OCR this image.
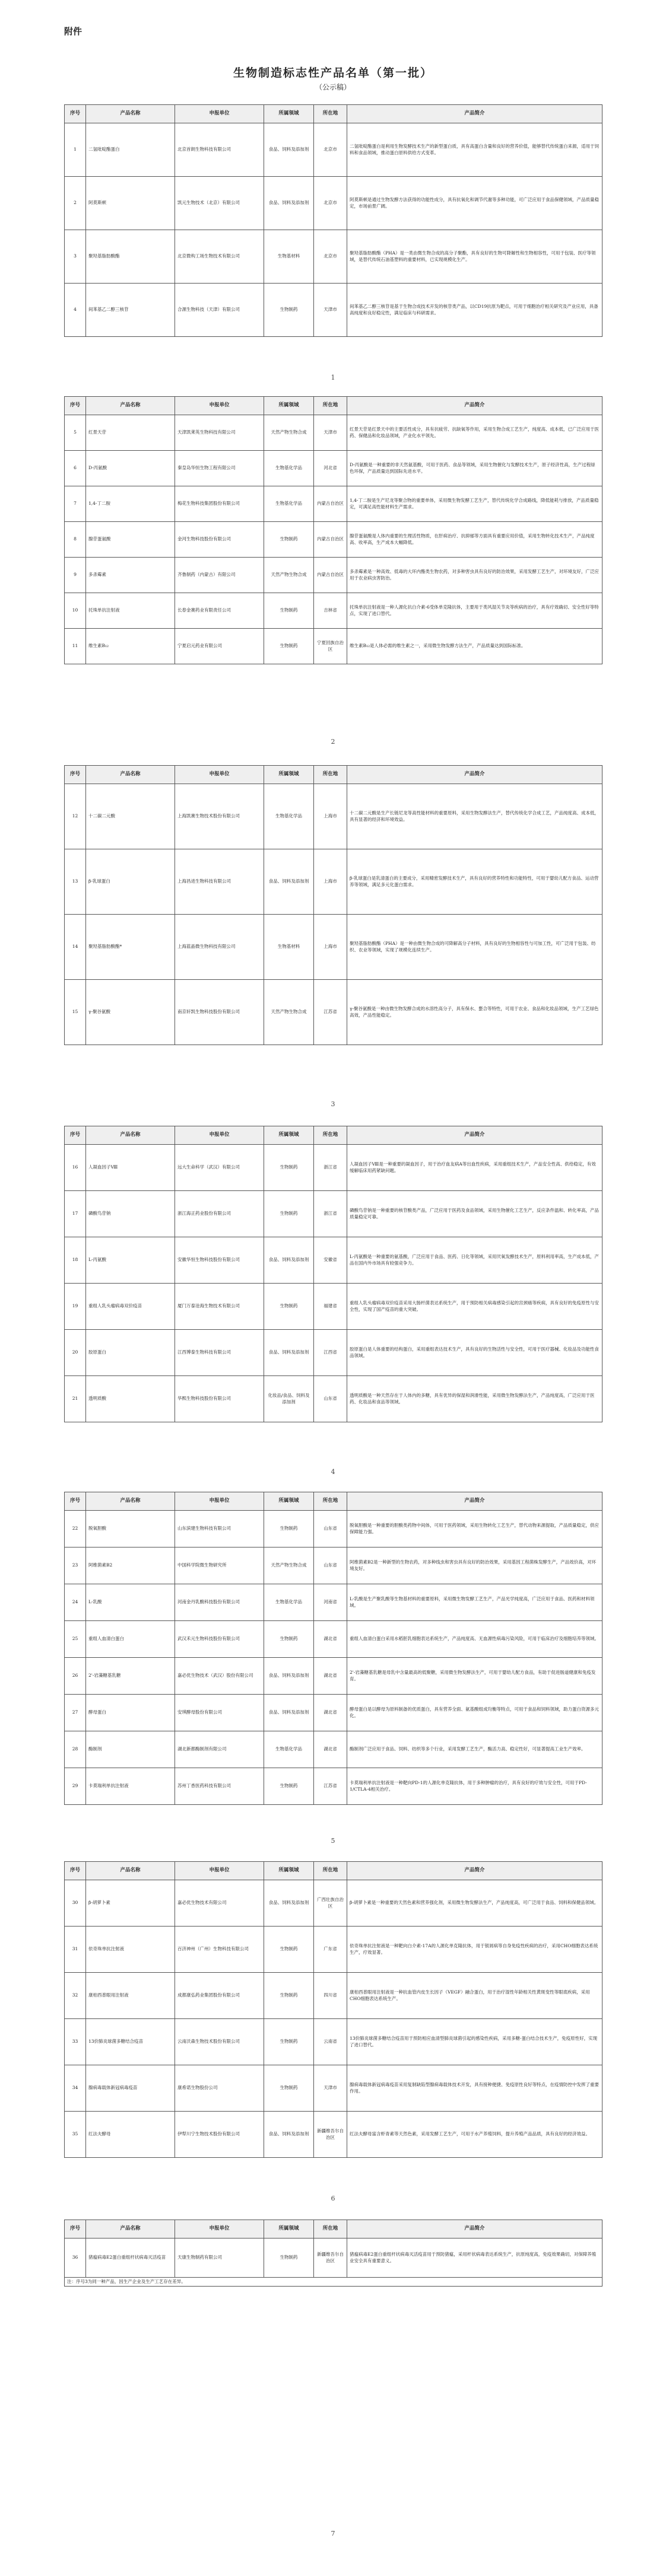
附件
生物制造标志性产品名单（第一批）
（公示稿）
序号	产品名称	申报单位	所属领域	所在地	产品简介
1	二氢吡啶酯蛋白	北京首朗生物科技有限公司	食品、饲料及添加剂	北京市	二氢吡啶酯蛋白是利用生物发酵技术生产的新型蛋白质，具有高蛋白含量和良好的营养价值，能够替代传统蛋白来源，适用于饲料和食品领域，推动蛋白原料供给方式变革。
2	阿莫斯顿	凯元生物技术（北京）有限公司	食品、饲料及添加剂	北京市	阿莫斯顿是通过生物发酵方法获得的功能性成分，具有抗氧化和调节代谢等多种功能，可广泛应用于食品保健领域，产品质量稳定，市场前景广阔。
3	聚羟基脂肪酸酯	北京微构工场生物技术有限公司	生物基材料	北京市	聚羟基脂肪酸酯（PHA）是一类由微生物合成的高分子聚酯，具有良好的生物可降解性和生物相容性，可用于包装、医疗等领域，是替代传统石油基塑料的重要材料，已实现规模化生产。
4	间苯基乙二醇三核苷	合源生物科技（天津）有限公司	生物制药	天津市	间苯基乙二醇三核苷是基于生物合成技术开发的核苷类产品，以CD19抗原为靶点，可用于细胞治疗相关研究及产业应用，具备高纯度和良好稳定性，满足临床与科研需求。
1
序号	产品名称	申报单位	所属领域	所在地	产品简介
5	红景天苷	天津凯莱英生物科技有限公司	天然产物生物合成	天津市	红景天苷是红景天中的主要活性成分，具有抗疲劳、抗缺氧等作用，采用生物合成工艺生产，纯度高、成本低，已广泛应用于医药、保健品和化妆品领域，产业化水平领先。
6	D-丙氨酸	秦皇岛华恒生物工程有限公司	生物基化学品	河北省	D-丙氨酸是一种重要的非天然氨基酸，可用于医药、食品等领域，采用生物催化与发酵技术生产，原子经济性高，生产过程绿色环保，产品质量达到国际先进水平。
7	1,4-丁二胺	梅花生物科技集团股份有限公司	生物基化学品	内蒙古自治区	1,4-丁二胺是生产尼龙等聚合物的重要单体，采用微生物发酵工艺生产，替代传统化学合成路线，降低能耗与排放，产品质量稳定，可满足高性能材料生产需求。
8	腺苷蛋氨酸	金河生物科技股份有限公司	生物制药	内蒙古自治区	腺苷蛋氨酸是人体内重要的生理活性物质，在肝病治疗、抗抑郁等方面具有重要应用价值，采用生物转化技术生产，产品纯度高、收率高，生产成本大幅降低。
9	多杀霉素	齐鲁制药（内蒙古）有限公司	天然产物生物合成	内蒙古自治区	多杀霉素是一种高效、低毒的大环内酯类生物农药，对多种害虫具有良好的防治效果，采用发酵工艺生产，对环境友好，广泛应用于农业病虫害防治。
10	托珠单抗注射液	长春金赛药业有限责任公司	生物制药	吉林省	托珠单抗注射液是一种人源化抗白介素-6受体单克隆抗体，主要用于类风湿关节炎等疾病的治疗，具有疗效确切、安全性好等特点，实现了进口替代。
11	维生素B₁₂	宁夏启元药业有限公司	生物制药	宁夏回族自治区	维生素B₁₂是人体必需的维生素之一，采用微生物发酵方法生产，产品质量达到国际标准。
2
序号	产品名称	申报单位	所属领域	所在地	产品简介
12	十二碳二元酸	上海凯赛生物技术股份有限公司	生物基化学品	上海市	十二碳二元酸是生产长链尼龙等高性能材料的重要原料，采用生物发酵法生产，替代传统化学合成工艺，产品纯度高、成本低，具有显著的经济和环境效益。
13	β-乳球蛋白	上海昌进生物科技有限公司	食品、饲料及添加剂	上海市	β-乳球蛋白是乳清蛋白的主要成分，采用精密发酵技术生产，具有良好的营养特性和功能特性，可用于婴幼儿配方食品、运动营养等领域，满足多元化蛋白需求。
14	聚羟基脂肪酸酯*	上海蓝晶微生物科技有限公司	生物基材料	上海市	聚羟基脂肪酸酯（PHA）是一种由微生物合成的可降解高分子材料，具有良好的生物相容性与可加工性，可广泛用于包装、纺织、农业等领域，实现了规模化连续生产。
15	γ-聚谷氨酸	南京轩凯生物科技股份有限公司	天然产物生物合成	江苏省	γ-聚谷氨酸是一种由微生物发酵合成的水溶性高分子，具有保水、螯合等特性，可用于农业、食品和化妆品领域，生产工艺绿色高效，产品性能稳定。
3
序号	产品名称	申报单位	所属领域	所在地	产品简介
16	人凝血因子Ⅷ	远大生命科学（武汉）有限公司	生物制药	浙江省	人凝血因子Ⅷ是一种重要的凝血因子，用于治疗血友病A等出血性疾病，采用重组技术生产，产品安全性高、供给稳定，有效缓解临床用药紧缺问题。
17	磷酸鸟苷钠	浙江海正药业股份有限公司	生物制药	浙江省	磷酸鸟苷钠是一种重要的核苷酸类产品，广泛应用于医药及食品领域，采用生物催化工艺生产，反应条件温和、转化率高，产品质量稳定可靠。
18	L-丙氨酸	安徽华恒生物科技股份有限公司	食品、饲料及添加剂	安徽省	L-丙氨酸是一种重要的氨基酸，广泛应用于食品、医药、日化等领域，采用厌氧发酵技术生产，原料利用率高，生产成本低，产品在国内外市场具有较强竞争力。
19	重组人乳头瘤病毒双价疫苗	厦门万泰沧海生物技术有限公司	生物制药	福建省	重组人乳头瘤病毒双价疫苗采用大肠杆菌表达系统生产，用于预防相关病毒感染引起的宫颈癌等疾病，具有良好的免疫原性与安全性，实现了国产疫苗的重大突破。
20	胶原蛋白	江西博泰生物科技有限公司	食品、饲料及添加剂	江西省	胶原蛋白是人体重要的结构蛋白，采用重组表达技术生产，具有良好的生物活性与安全性，可用于医疗器械、化妆品及功能性食品领域。
21	透明质酸	华熙生物科技股份有限公司	化妆品/食品、饲料及添加剂	山东省	透明质酸是一种天然存在于人体内的多糖，具有优异的保湿和润滑性能，采用微生物发酵法生产，产品纯度高，广泛应用于医药、化妆品和食品等领域。
4
序号	产品名称	申报单位	所属领域	所在地	产品简介
22	脱氧胆酸	山东滨建生物科技有限公司	生物制药	山东省	脱氧胆酸是一种重要的胆酸类药物中间体，可用于医药领域，采用生物转化工艺生产，替代动物来源提取，产品质量稳定，供应保障能力强。
23	阿维菌素B2	中国科学院微生物研究所	天然产物生物合成	山东省	阿维菌素B2是一种新型的生物农药，对多种线虫和害虫具有良好的防治效果，采用基因工程菌株发酵生产，产品效价高，对环境友好。
24	L-乳酸	河南金丹乳酸科技股份有限公司	生物基化学品	河南省	L-乳酸是生产聚乳酸等生物基材料的重要原料，采用微生物发酵工艺生产，产品光学纯度高，广泛应用于食品、医药和材料领域。
25	重组人血清白蛋白	武汉禾元生物科技股份有限公司	生物制药	湖北省	重组人血清白蛋白采用水稻胚乳细胞表达系统生产，产品纯度高、无血源性病毒污染风险，可用于临床治疗及细胞培养等领域。
26	2'-岩藻糖基乳糖	嘉必优生物技术（武汉）股份有限公司	食品、饲料及添加剂	湖北省	2'-岩藻糖基乳糖是母乳中含量最高的低聚糖，采用微生物发酵法生产，可用于婴幼儿配方食品，有助于促进肠道健康和免疫发育。
27	酵母蛋白	安琪酵母股份有限公司	食品、饲料及添加剂	湖北省	酵母蛋白是以酵母为原料制备的优质蛋白，具有营养全面、氨基酸组成均衡等特点，可用于食品和饲料领域，助力蛋白资源多元化。
28	酶制剂	湖北新都酶制剂有限公司	生物基化学品	湖北省	酶制剂广泛应用于食品、饲料、纺织等多个行业，采用发酵工艺生产，酶活力高、稳定性好，可显著提高工业生产效率。
29	卡莫瑞利单抗注射液	苏州丁香医药科技有限公司	生物制药	江苏省	卡莫瑞利单抗注射液是一种靶向PD-1的人源化单克隆抗体，用于多种肿瘤的治疗，具有良好的疗效与安全性，可用于PD-1/CTLA-4相关治疗。
5
序号	产品名称	申报单位	所属领域	所在地	产品简介
30	β-胡萝卜素	嘉必优生物技术有限公司	食品、饲料及添加剂	广西壮族自治区	β-胡萝卜素是一种重要的天然色素和营养强化剂，采用微生物发酵法生产，产品纯度高，可广泛用于食品、饲料和保健品领域。
31	依奇珠单抗注射液	百济神州（广州）生物科技有限公司	生物制药	广东省	依奇珠单抗注射液是一种靶向白介素-17A的人源化单克隆抗体，用于银屑病等自身免疫性疾病的治疗，采用CHO细胞表达系统生产，疗效显著。
32	康柏西普眼用注射液	成都康弘药业集团股份有限公司	生物制药	四川省	康柏西普眼用注射液是一种抗血管内皮生长因子（VEGF）融合蛋白，用于治疗湿性年龄相关性黄斑变性等眼底疾病，采用CHO细胞表达系统生产。
33	13价肺炎球菌多糖结合疫苗	云南沃森生物技术股份有限公司	生物制药	云南省	13价肺炎球菌多糖结合疫苗用于预防相应血清型肺炎球菌引起的感染性疾病，采用多糖-蛋白结合技术生产，免疫原性好，实现了进口替代。
34	腺病毒载体新冠病毒疫苗	康希诺生物股份公司	生物制药	天津市	腺病毒载体新冠病毒疫苗采用复制缺陷型腺病毒载体技术开发，具有接种便捷、免疫原性良好等特点，在疫情防控中发挥了重要作用。
35	红法夫酵母	伊犁川宁生物技术股份有限公司	食品、饲料及添加剂	新疆维吾尔自治区	红法夫酵母富含虾青素等天然色素，采用发酵工艺生产，可用于水产养殖饲料，提升养殖产品品质，具有良好的经济效益。
6
序号	产品名称	申报单位	所属领域	所在地	产品简介
36	猪瘟病毒E2蛋白重组杆状病毒灭活疫苗	天康生物制药有限公司	生物制药	新疆维吾尔自治区	猪瘟病毒E2蛋白重组杆状病毒灭活疫苗用于预防猪瘟，采用杆状病毒表达系统生产，抗原纯度高，免疫效果确切，对保障养殖业安全具有重要意义。
注：序号3为同一种产品，因生产企业及生产工艺存在差异。					
7
